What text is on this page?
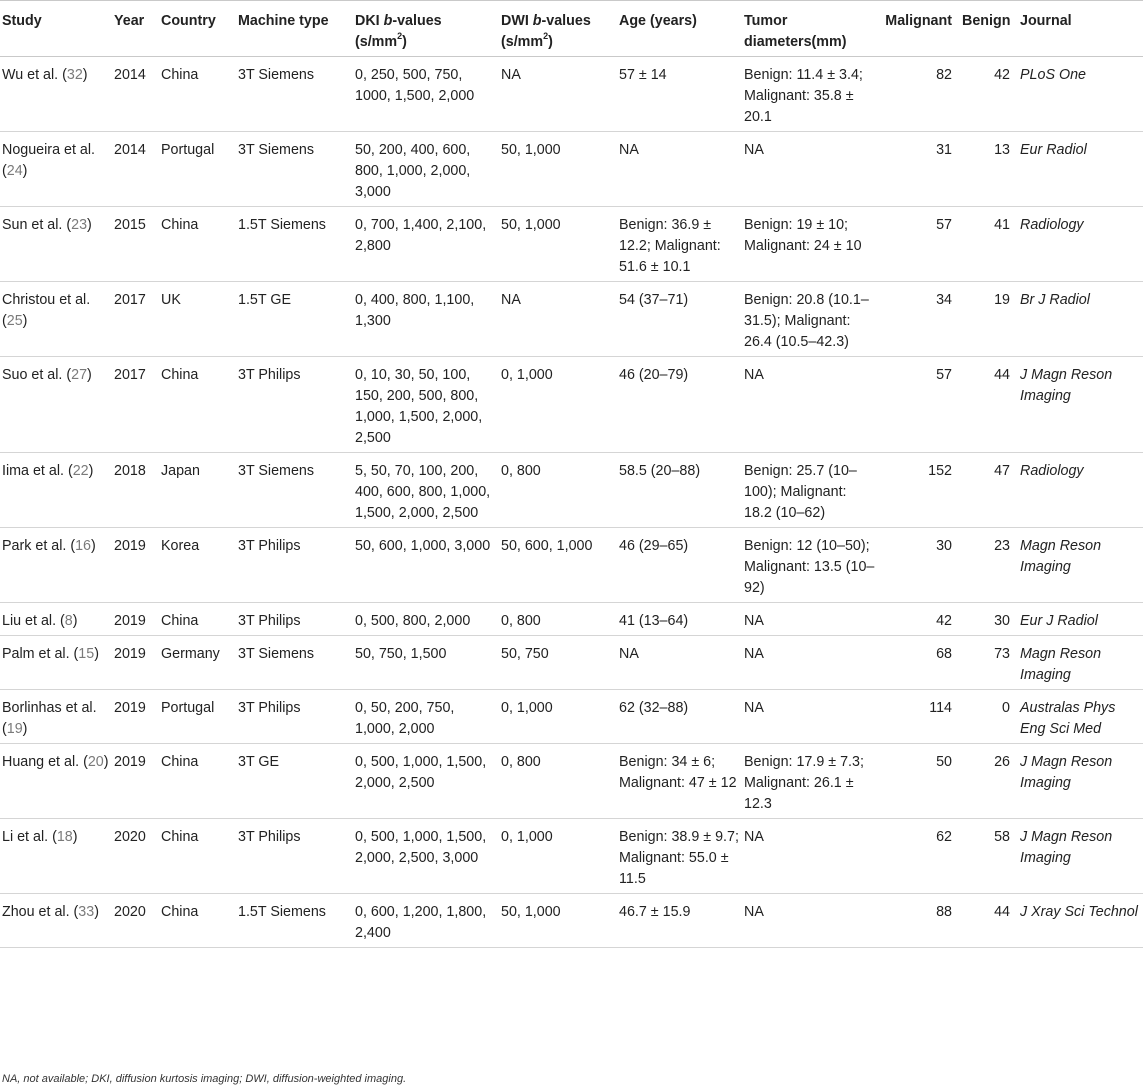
Study	Year	Country	Machine type	DKI b-values $(s/mm^2)$	DWI b-values $(s/mm^2)$	Age (years)	Tumor diameters(mm)	Malignant	Benign	Journal
Wu et al. (32)	2014	China	3T Siemens	0, 250, 500, 750, 1000, 1,500, 2,000	NA	57 ± 14	Benign: 11.4 ± 3.4; Malignant: 35.8 ± 20.1	82	42	PLoS One
Nogueira et al. (24)	2014	Portugal	3T Siemens	50, 200, 400, 600, 800, 1,000, 2,000, 3,000	50, 1,000	NA	NA	31	13	Eur Radiol
Sun et al. (23)	2015	China	1.5T Siemens	0, 700, 1,400, 2,100, 2,800	50, 1,000	Benign: 36.9 ± 12.2; Malignant: 51.6 ± 10.1	Benign: 19 ± 10; Malignant: 24 ± 10	57	41	Radiology
Christou et al. (25)	2017	UK	1.5T GE	0, 400, 800, 1,100, 1,300	NA	54 (37–71)	Benign: 20.8 (10.1–31.5); Malignant: 26.4 (10.5–42.3)	34	19	Br J Radiol
Suo et al. (27)	2017	China	3T Philips	0, 10, 30, 50, 100, 150, 200, 500, 800, 1,000, 1,500, 2,000, 2,500	0, 1,000	46 (20–79)	NA	57	44	J Magn Reson Imaging
Iima et al. (22)	2018	Japan	3T Siemens	5, 50, 70, 100, 200, 400, 600, 800, 1,000, 1,500, 2,000, 2,500	0, 800	58.5 (20–88)	Benign: 25.7 (10–100); Malignant: 18.2 (10–62)	152	47	Radiology
Park et al. (16)	2019	Korea	3T Philips	50, 600, 1,000, 3,000	50, 600, 1,000	46 (29–65)	Benign: 12 (10–50); Malignant: 13.5 (10–92)	30	23	Magn Reson Imaging
Liu et al. (8)	2019	China	3T Philips	0, 500, 800, 2,000	0, 800	41 (13–64)	NA	42	30	Eur J Radiol
Palm et al. (15)	2019	Germany	3T Siemens	50, 750, 1,500	50, 750	NA	NA	68	73	Magn Reson Imaging
Borlinhas et al. (19)	2019	Portugal	3T Philips	0, 50, 200, 750, 1,000, 2,000	0, 1,000	62 (32–88)	NA	114	0	Australas Phys Eng Sci Med
Huang et al. (20)	2019	China	3T GE	0, 500, 1,000, 1,500, 2,000, 2,500	0, 800	Benign: 34 ± 6; Malignant: 47 ± 12	Benign: 17.9 ± 7.3; Malignant: 26.1 ± 12.3	50	26	J Magn Reson Imaging
Li et al. (18)	2020	China	3T Philips	0, 500, 1,000, 1,500, 2,000, 2,500, 3,000	0, 1,000	Benign: 38.9 ± 9.7; Malignant: 55.0 ± 11.5	NA	62	58	J Magn Reson Imaging
Zhou et al. (33)	2020	China	1.5T Siemens	0, 600, 1,200, 1,800, 2,400	50, 1,000	46.7 ± 15.9	NA	88	44	J Xray Sci Technol
NA, not available; DKI, diffusion kurtosis imaging; DWI, diffusion-weighted imaging.
